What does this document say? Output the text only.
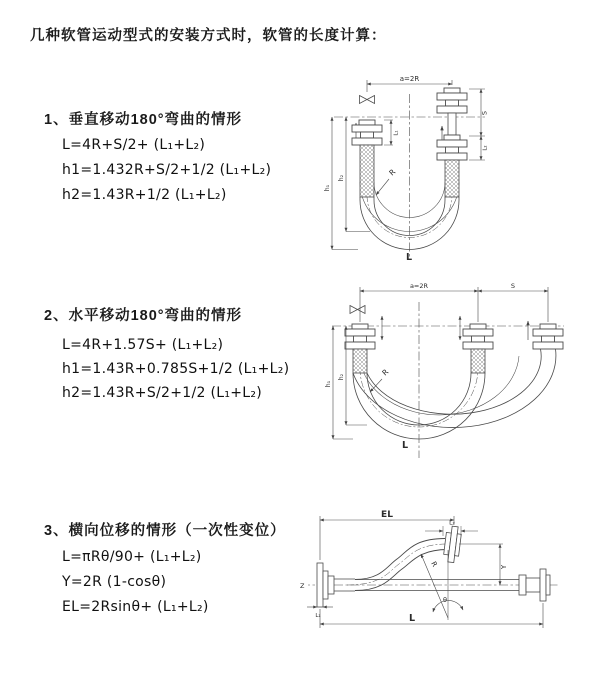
几种软管运动型式的安装方式时，软管的长度计算：
1、垂直移动180°弯曲的情形
L=4R+S/2+ (L₁+L₂)
h1=1.432R+S/2+1/2 (L₁+L₂)
h2=1.43R+1/2 (L₁+L₂)
2、水平移动180°弯曲的情形
L=4R+1.57S+ (L₁+L₂)
h1=1.43R+0.785S+1/2 (L₁+L₂)
h2=1.43R+S/2+1/2 (L₁+L₂)
3、横向位移的情形（一次性变位）
L=πRθ/90+ (L₁+L₂)
Y=2R (1-cosθ)
EL=2Rsinθ+ (L₁+L₂)
a=2R
L₁
S
L₂
h₁
h₂
R
L
a=2R	S
h₁
h₂	R
L
Z
EL
L₂
Y
R
θ
L
L₁
